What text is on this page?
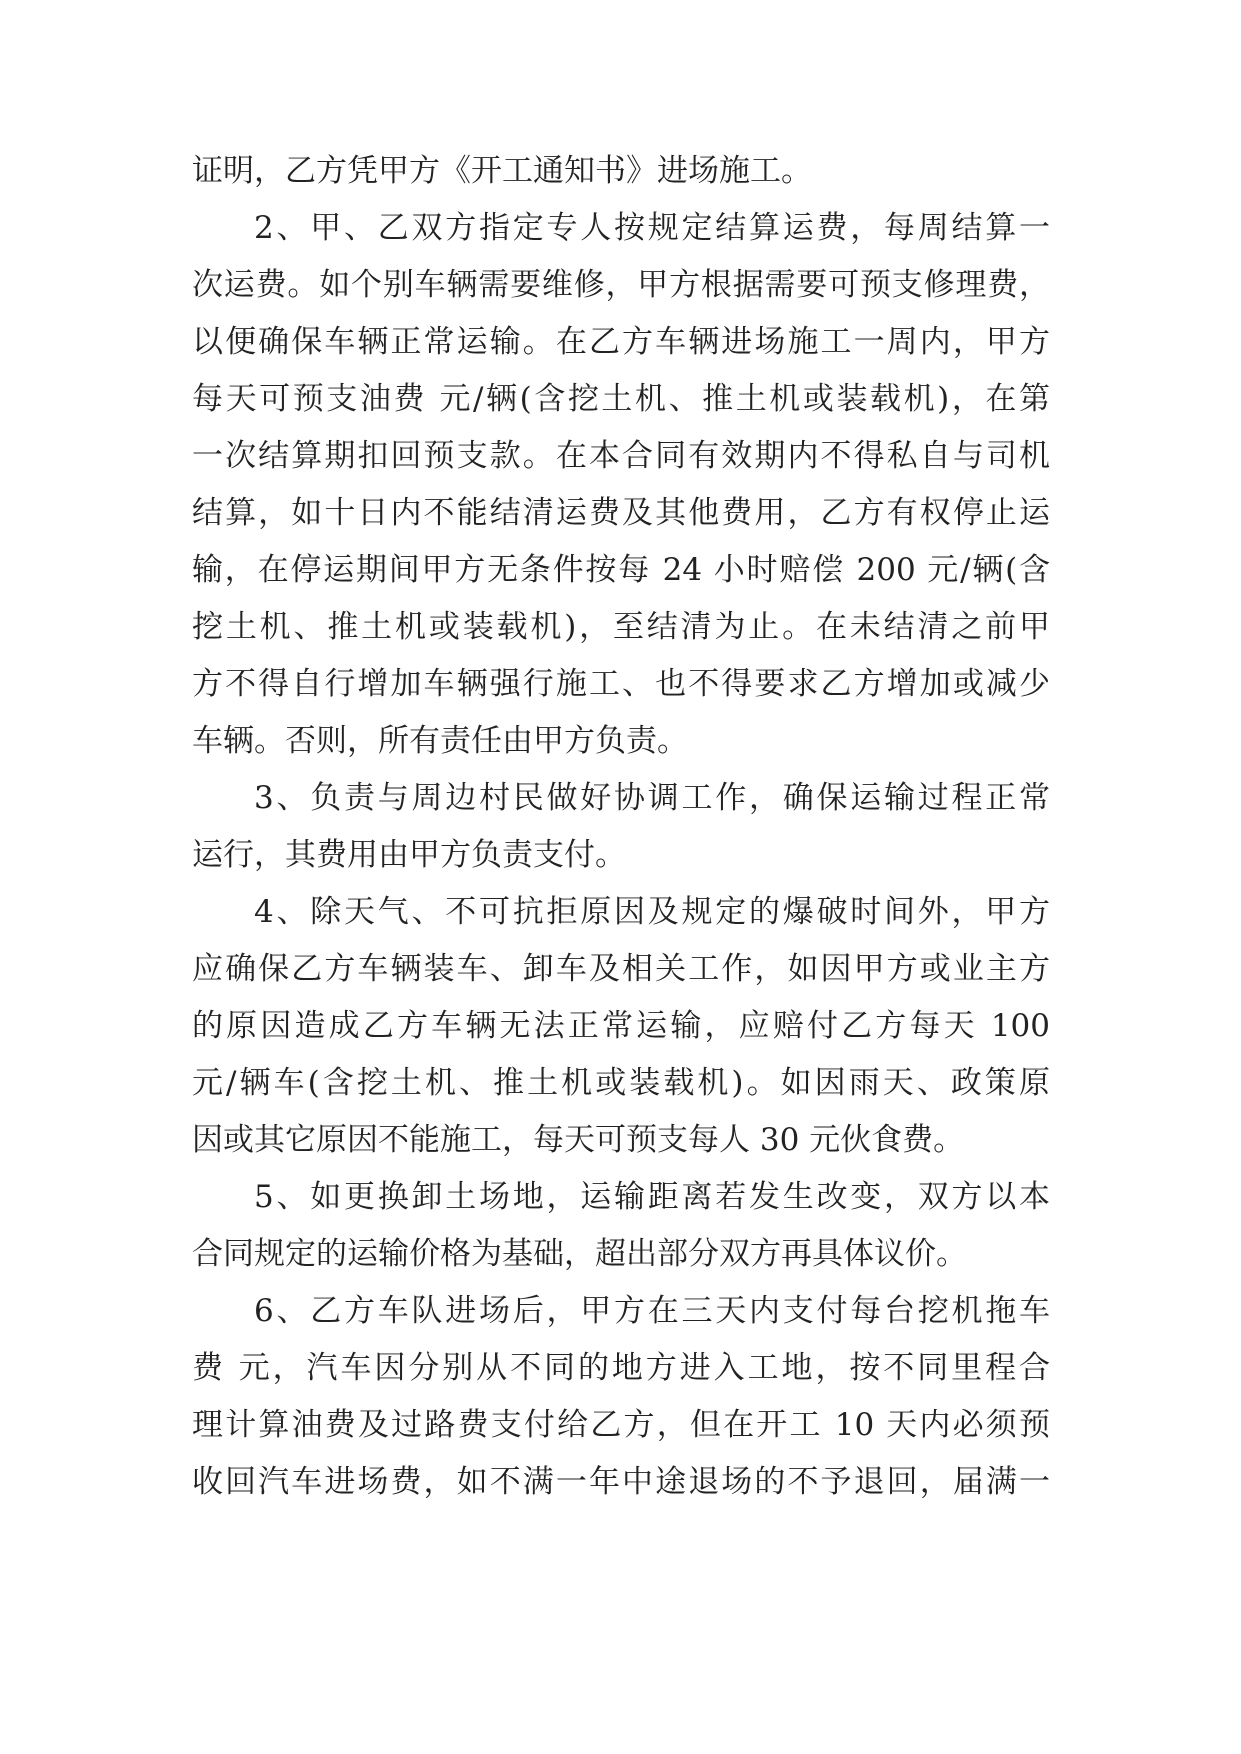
证明，乙方凭甲方《开工通知书》进场施工。
2、甲、乙双方指定专人按规定结算运费，每周结算一
次运费。如个别车辆需要维修，甲方根据需要可预支修理费，
以便确保车辆正常运输。在乙方车辆进场施工一周内，甲方
每天可预支油费 元/辆(含挖土机、推土机或装载机)，在第
一次结算期扣回预支款。在本合同有效期内不得私自与司机
结算，如十日内不能结清运费及其他费用，乙方有权停止运
输，在停运期间甲方无条件按每 24 小时赔偿 200 元/辆(含
挖土机、推土机或装载机)，至结清为止。在未结清之前甲
方不得自行增加车辆强行施工、也不得要求乙方增加或减少
车辆。否则，所有责任由甲方负责。
3、负责与周边村民做好协调工作，确保运输过程正常
运行，其费用由甲方负责支付。
4、除天气、不可抗拒原因及规定的爆破时间外，甲方
应确保乙方车辆装车、卸车及相关工作，如因甲方或业主方
的原因造成乙方车辆无法正常运输，应赔付乙方每天 100
元/辆车(含挖土机、推土机或装载机)。如因雨天、政策原
因或其它原因不能施工，每天可预支每人 30 元伙食费。
5、如更换卸土场地，运输距离若发生改变，双方以本
合同规定的运输价格为基础，超出部分双方再具体议价。
6、乙方车队进场后，甲方在三天内支付每台挖机拖车
费 元，汽车因分别从不同的地方进入工地，按不同里程合
理计算油费及过路费支付给乙方，但在开工 10 天内必须预
收回汽车进场费，如不满一年中途退场的不予退回，届满一
